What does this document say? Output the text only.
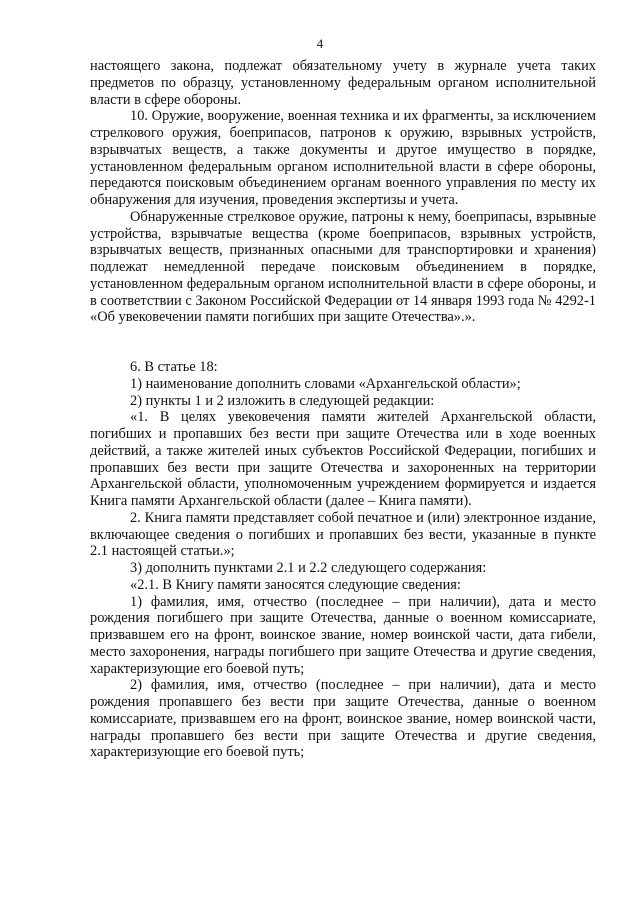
4

настоящего закона, подлежат обязательному учету в журнале учета таких предметов по образцу, установленному федеральным органом исполнительной власти в сфере обороны.

10. Оружие, вооружение, военная техника и их фрагменты, за исключением стрелкового оружия, боеприпасов, патронов к оружию, взрывных устройств, взрывчатых веществ, а также документы и другое имущество в порядке, установленном федеральным органом исполнительной власти в сфере обороны, передаются поисковым объединением органам военного управления по месту их обнаружения для изучения, проведения экспертизы и учета.

Обнаруженные стрелковое оружие, патроны к нему, боеприпасы, взрывные устройства, взрывчатые вещества (кроме боеприпасов, взрывных устройств, взрывчатых веществ, признанных опасными для транспортировки и хранения) подлежат немедленной передаче поисковым объединением в порядке, установленном федеральным органом исполнительной власти в сфере обороны, и в соответствии с Законом Российской Федерации от 14 января 1993 года № 4292-1 «Об увековечении памяти погибших при защите Отечества».».

6. В статье 18:

1) наименование дополнить словами «Архангельской области»;

2) пункты 1 и 2 изложить в следующей редакции:

«1. В целях увековечения памяти жителей Архангельской области, погибших и пропавших без вести при защите Отечества или в ходе военных действий, а также жителей иных субъектов Российской Федерации, погибших и пропавших без вести при защите Отечества и захороненных на территории Архангельской области, уполномоченным учреждением формируется и издается Книга памяти Архангельской области (далее – Книга памяти).

2. Книга памяти представляет собой печатное и (или) электронное издание, включающее сведения о погибших и пропавших без вести, указанные в пункте 2.1 настоящей статьи.»;

3) дополнить пунктами 2.1 и 2.2 следующего содержания:

«2.1. В Книгу памяти заносятся следующие сведения:

1) фамилия, имя, отчество (последнее – при наличии), дата и место рождения погибшего при защите Отечества, данные о военном комиссариате, призвавшем его на фронт, воинское звание, номер воинской части, дата гибели, место захоронения, награды погибшего при защите Отечества и другие сведения, характеризующие его боевой путь;

2) фамилия, имя, отчество (последнее – при наличии), дата и место рождения пропавшего без вести при защите Отечества, данные о военном комиссариате, призвавшем его на фронт, воинское звание, номер воинской части, награды пропавшего без вести при защите Отечества и другие сведения, характеризующие его боевой путь;
